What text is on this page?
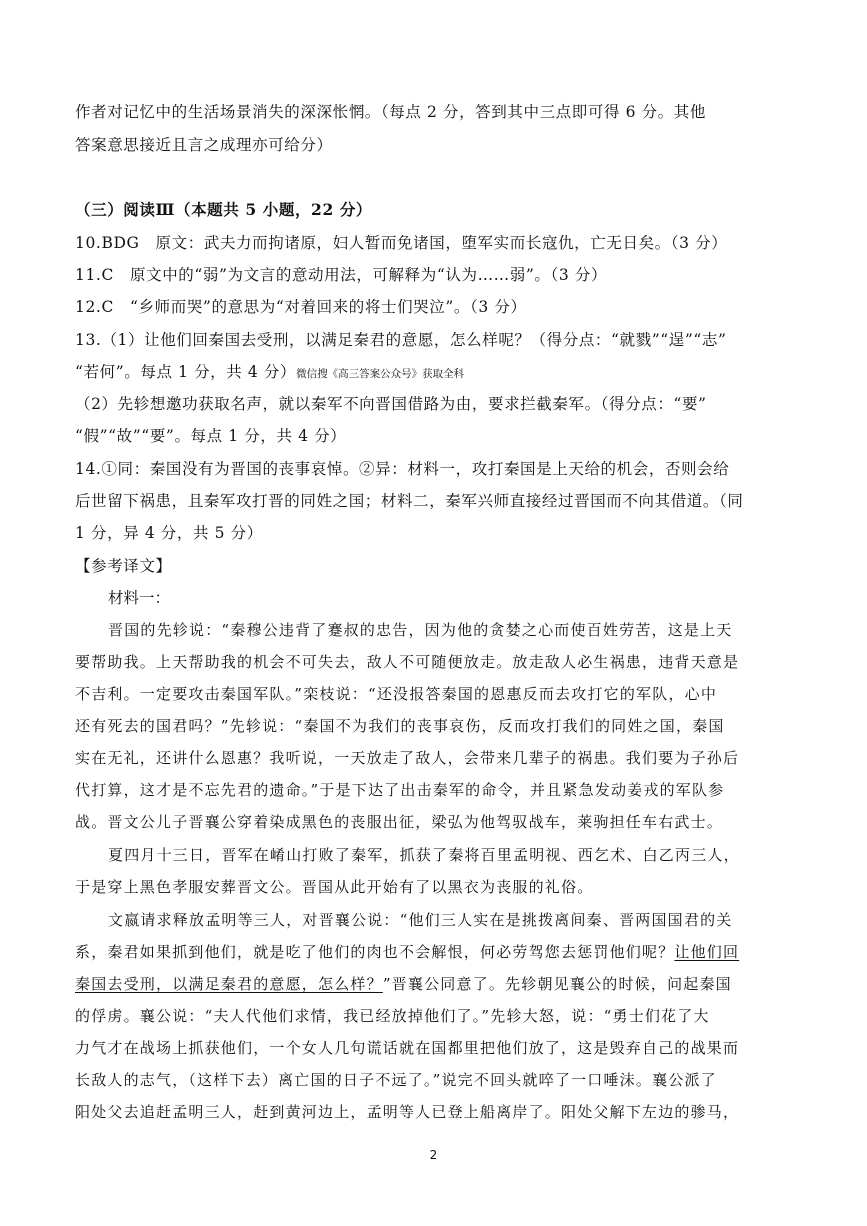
作者对记忆中的生活场景消失的深深怅惘。（每点 2 分，答到其中三点即可得 6 分。其他
答案意思接近且言之成理亦可给分）
（三）阅读Ⅲ（本题共 5 小题，22 分）
10.BDG　原文：武夫力而拘诸原，妇人暂而免诸国，堕军实而长寇仇，亡无日矣。（3 分）
11.C　原文中的“弱”为文言的意动用法，可解释为“认为……弱”。（3 分）
12.C　“乡师而哭”的意思为“对着回来的将士们哭泣”。（3 分）
13.（1）让他们回秦国去受刑，以满足秦君的意愿，怎么样呢？（得分点：“就戮”“逞”“志”
“若何”。每点 1 分，共 4 分）微信搜《高三答案公众号》获取全科
（2）先轸想邀功获取名声，就以秦军不向晋国借路为由，要求拦截秦军。（得分点：“要”
“假”“故”“要”。每点 1 分，共 4 分）
14.①同：秦国没有为晋国的丧事哀悼。②异：材料一，攻打秦国是上天给的机会，否则会给
后世留下祸患，且秦军攻打晋的同姓之国；材料二，秦军兴师直接经过晋国而不向其借道。（同
1 分，异 4 分，共 5 分）
【参考译文】
材料一：
晋国的先轸说：“秦穆公违背了蹇叔的忠告，因为他的贪婪之心而使百姓劳苦，这是上天
要帮助我。上天帮助我的机会不可失去，敌人不可随便放走。放走敌人必生祸患，违背天意是
不吉利。一定要攻击秦国军队。”栾枝说：“还没报答秦国的恩惠反而去攻打它的军队，心中
还有死去的国君吗？”先轸说：“秦国不为我们的丧事哀伤，反而攻打我们的同姓之国，秦国
实在无礼，还讲什么恩惠？我听说，一天放走了敌人，会带来几辈子的祸患。我们要为子孙后
代打算，这才是不忘先君的遗命。”于是下达了出击秦军的命令，并且紧急发动姜戎的军队参
战。晋文公儿子晋襄公穿着染成黑色的丧服出征，梁弘为他驾驭战车，莱驹担任车右武士。
夏四月十三日，晋军在崤山打败了秦军，抓获了秦将百里孟明视、西乞术、白乙丙三人，
于是穿上黑色孝服安葬晋文公。晋国从此开始有了以黑衣为丧服的礼俗。
文嬴请求释放孟明等三人，对晋襄公说：“他们三人实在是挑拨离间秦、晋两国国君的关
系，秦君如果抓到他们，就是吃了他们的肉也不会解恨，何必劳驾您去惩罚他们呢？让他们回
秦国去受刑，以满足秦君的意愿，怎么样？”晋襄公同意了。先轸朝见襄公的时候，问起秦国
的俘虏。襄公说：“夫人代他们求情，我已经放掉他们了。”先轸大怒，说：“勇士们花了大
力气才在战场上抓获他们，一个女人几句谎话就在国都里把他们放了，这是毁弃自己的战果而
长敌人的志气，（这样下去）离亡国的日子不远了。”说完不回头就啐了一口唾沫。襄公派了
阳处父去追赶孟明三人，赶到黄河边上，孟明等人已登上船离岸了。阳处父解下左边的骖马，
2
